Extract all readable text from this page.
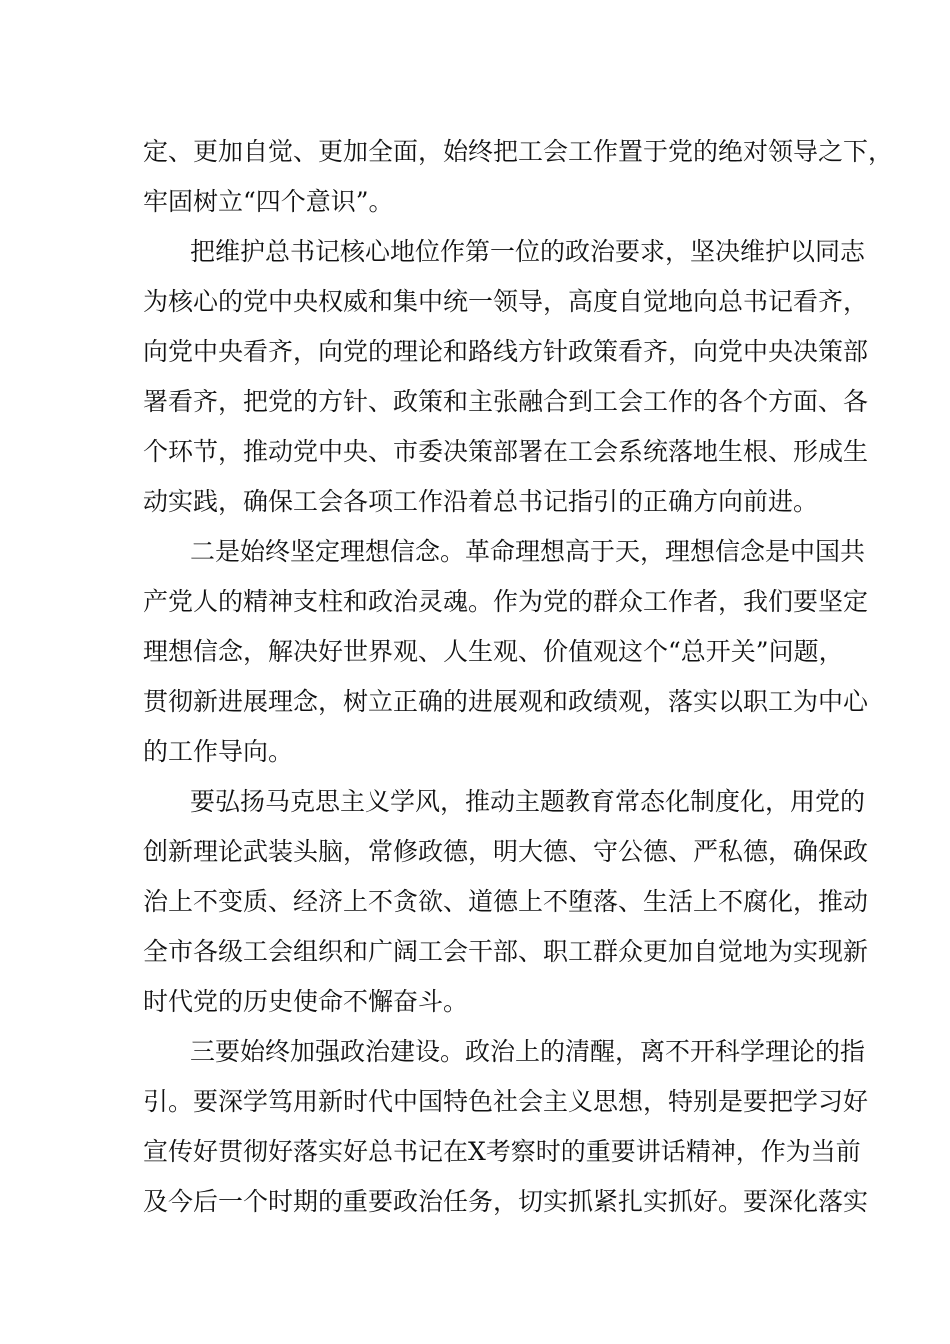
定、更加自觉、更加全面，始终把工会工作置于党的绝对领导之下，
牢固树立“四个意识”。
把维护总书记核心地位作第一位的政治要求，坚决维护以同志
为核心的党中央权威和集中统一领导，高度自觉地向总书记看齐，
向党中央看齐，向党的理论和路线方针政策看齐，向党中央决策部
署看齐，把党的方针、政策和主张融合到工会工作的各个方面、各
个环节，推动党中央、市委决策部署在工会系统落地生根、形成生
动实践，确保工会各项工作沿着总书记指引的正确方向前进。
二是始终坚定理想信念。革命理想高于天，理想信念是中国共
产党人的精神支柱和政治灵魂。作为党的群众工作者，我们要坚定
理想信念，解决好世界观、人生观、价值观这个“总开关”问题，
贯彻新进展理念，树立正确的进展观和政绩观，落实以职工为中心
的工作导向。
要弘扬马克思主义学风，推动主题教育常态化制度化，用党的
创新理论武装头脑，常修政德，明大德、守公德、严私德，确保政
治上不变质、经济上不贪欲、道德上不堕落、生活上不腐化，推动
全市各级工会组织和广阔工会干部、职工群众更加自觉地为实现新
时代党的历史使命不懈奋斗。
三要始终加强政治建设。政治上的清醒，离不开科学理论的指
引。要深学笃用新时代中国特色社会主义思想，特别是要把学习好
宣传好贯彻好落实好总书记在X考察时的重要讲话精神，作为当前
及今后一个时期的重要政治任务，切实抓紧扎实抓好。要深化落实
